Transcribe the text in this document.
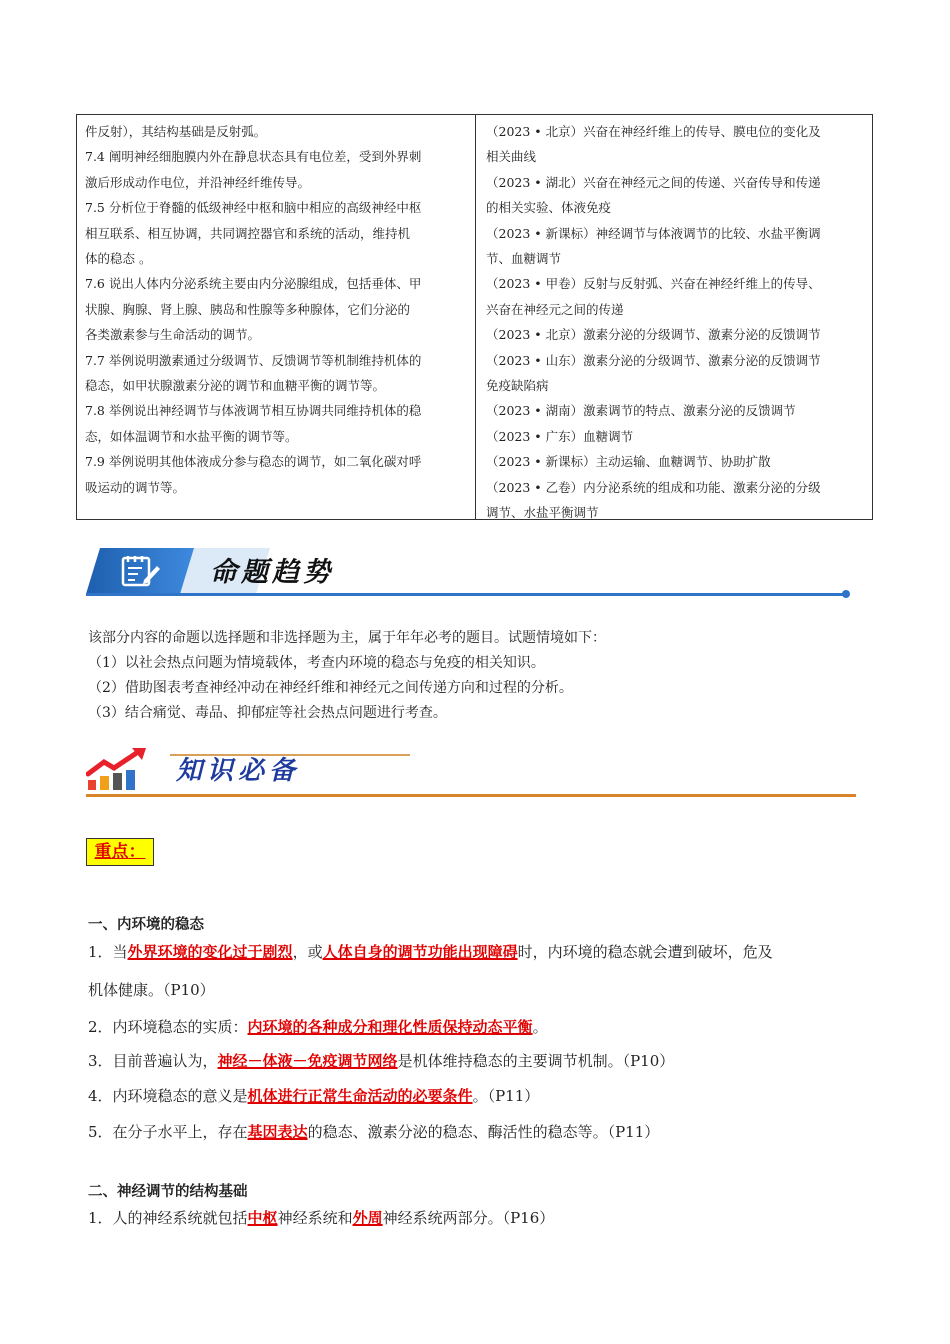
件反射），其结构基础是反射弧。
7.4 阐明神经细胞膜内外在静息状态具有电位差，受到外界刺
激后形成动作电位，并沿神经纤维传导。
7.5 分析位于脊髓的低级神经中枢和脑中相应的高级神经中枢
相互联系、相互协调，共同调控器官和系统的活动，维持机
体的稳态 。
7.6 说出人体内分泌系统主要由内分泌腺组成，包括垂体、甲
状腺、胸腺、肾上腺、胰岛和性腺等多种腺体，它们分泌的
各类激素参与生命活动的调节。
7.7 举例说明激素通过分级调节、反馈调节等机制维持机体的
稳态，如甲状腺激素分泌的调节和血糖平衡的调节等。
7.8 举例说出神经调节与体液调节相互协调共同维持机体的稳
态，如体温调节和水盐平衡的调节等。
7.9 举例说明其他体液成分参与稳态的调节，如二氧化碳对呼
吸运动的调节等。
（2023 • 北京）兴奋在神经纤维上的传导、膜电位的变化及
相关曲线
（2023 • 湖北）兴奋在神经元之间的传递、兴奋传导和传递
的相关实验、体液免疫
（2023 • 新课标）神经调节与体液调节的比较、水盐平衡调
节、血糖调节
（2023 • 甲卷）反射与反射弧、兴奋在神经纤维上的传导、
兴奋在神经元之间的传递
（2023 • 北京）激素分泌的分级调节、激素分泌的反馈调节
（2023 • 山东）激素分泌的分级调节、激素分泌的反馈调节
免疫缺陷病
（2023 • 湖南）激素调节的特点、激素分泌的反馈调节
（2023 • 广东）血糖调节
（2023 • 新课标）主动运输、血糖调节、协助扩散
（2023 • 乙卷）内分泌系统的组成和功能、激素分泌的分级
调节、水盐平衡调节
命题趋势
该部分内容的命题以选择题和非选择题为主，属于年年必考的题目。试题情境如下：
（1）以社会热点问题为情境载体，考查内环境的稳态与免疫的相关知识。
（2）借助图表考查神经冲动在神经纤维和神经元之间传递方向和过程的分析。
（3）结合痛觉、毒品、抑郁症等社会热点问题进行考查。
知识必备
重点：
一、内环境的稳态
1．当外界环境的变化过于剧烈，或人体自身的调节功能出现障碍时，内环境的稳态就会遭到破坏，危及
机体健康。（P10）
2．内环境稳态的实质：内环境的各种成分和理化性质保持动态平衡。
3．目前普遍认为，神经－体液－免疫调节网络是机体维持稳态的主要调节机制。（P10）
4．内环境稳态的意义是机体进行正常生命活动的必要条件。（P11）
5．在分子水平上，存在基因表达的稳态、激素分泌的稳态、酶活性的稳态等。（P11）
二、神经调节的结构基础
1．人的神经系统就包括中枢神经系统和外周神经系统两部分。（P16）
